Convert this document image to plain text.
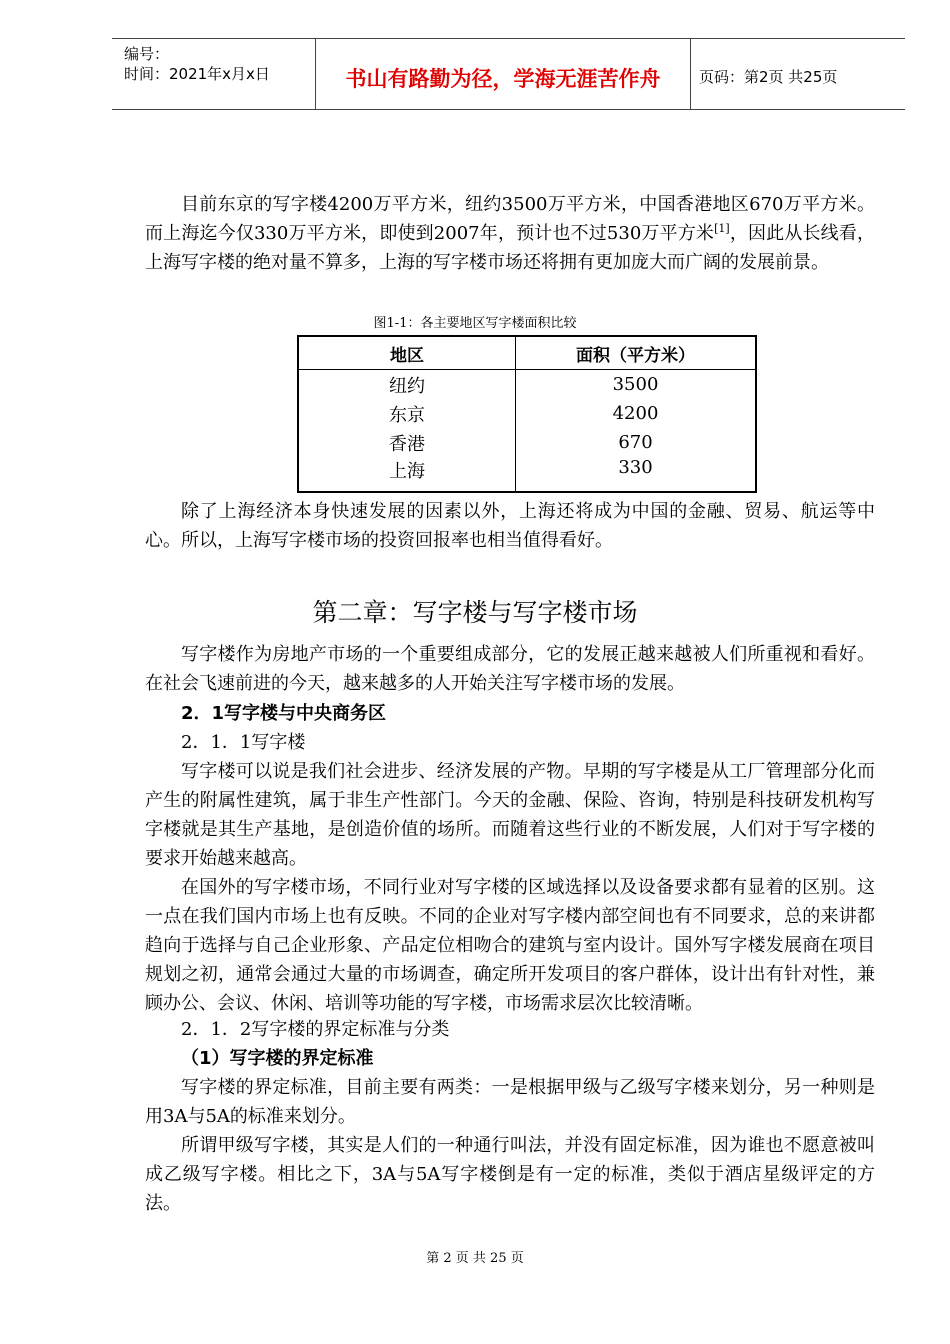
编号：
时间：2021年x月x日	书山有路勤为径，学海无涯苦作舟	页码：第2页 共25页
目前东京的写字楼4200万平方米，纽约3500万平方米，中国香港地区670万平方米。而上海迄今仅330万平方米，即使到2007年，预计也不过530万平方米[1]，因此从长线看，上海写字楼的绝对量不算多，上海的写字楼市场还将拥有更加庞大而广阔的发展前景。
图1-1：各主要地区写字楼面积比较
地区	面积（平方米）
纽约	3500
东京	4200
香港	670
上海	330
除了上海经济本身快速发展的因素以外，上海还将成为中国的金融、贸易、航运等中心。所以，上海写字楼市场的投资回报率也相当值得看好。
第二章：写字楼与写字楼市场
写字楼作为房地产市场的一个重要组成部分，它的发展正越来越被人们所重视和看好。在社会飞速前进的今天，越来越多的人开始关注写字楼市场的发展。
2．1写字楼与中央商务区
2．1．1写字楼
写字楼可以说是我们社会进步、经济发展的产物。早期的写字楼是从工厂管理部分化而产生的附属性建筑，属于非生产性部门。今天的金融、保险、咨询，特别是科技研发机构写字楼就是其生产基地，是创造价值的场所。而随着这些行业的不断发展，人们对于写字楼的要求开始越来越高。
在国外的写字楼市场，不同行业对写字楼的区域选择以及设备要求都有显着的区别。这一点在我们国内市场上也有反映。不同的企业对写字楼内部空间也有不同要求，总的来讲都趋向于选择与自己企业形象、产品定位相吻合的建筑与室内设计。国外写字楼发展商在项目规划之初，通常会通过大量的市场调查，确定所开发项目的客户群体，设计出有针对性，兼顾办公、会议、休闲、培训等功能的写字楼，市场需求层次比较清晰。
2．1．2写字楼的界定标准与分类
（1）写字楼的界定标准
写字楼的界定标准，目前主要有两类：一是根据甲级与乙级写字楼来划分，另一种则是用3A与5A的标准来划分。
所谓甲级写字楼，其实是人们的一种通行叫法，并没有固定标准，因为谁也不愿意被叫成乙级写字楼。相比之下，3A与5A写字楼倒是有一定的标准，类似于酒店星级评定的方法。
第 2 页 共 25 页
